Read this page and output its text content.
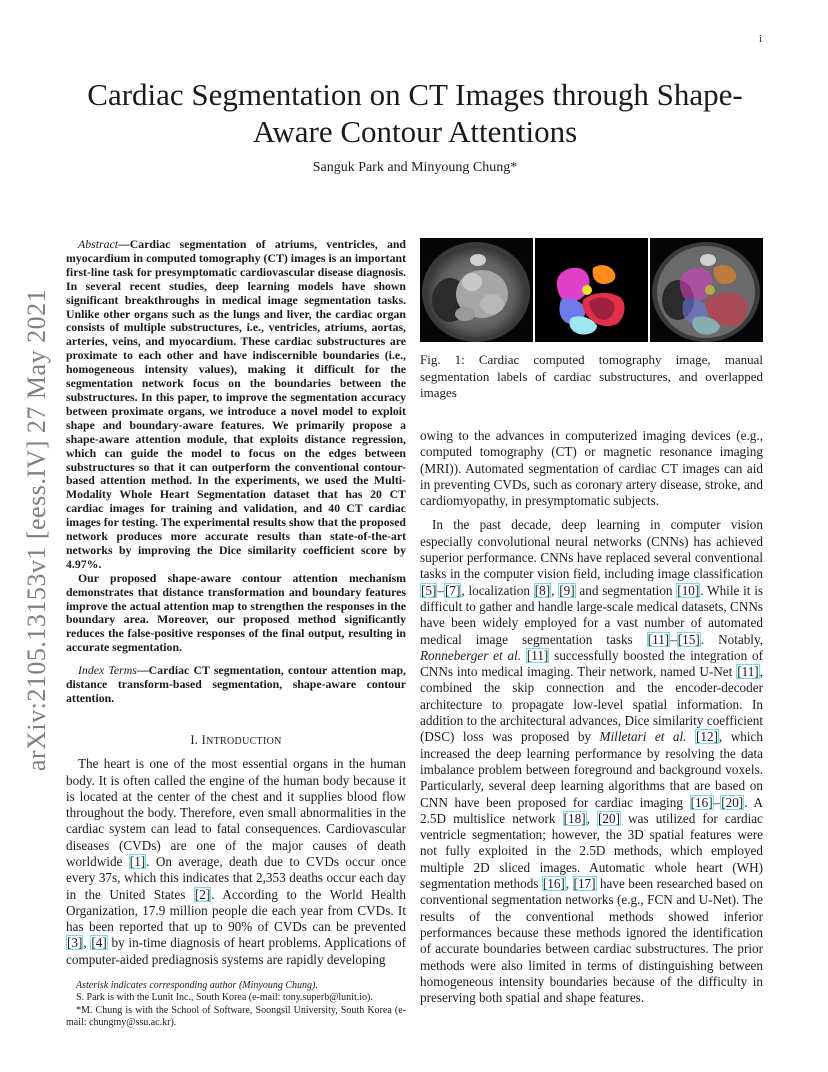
i
arXiv:2105.13153v1 [eess.IV] 27 May 2021
Cardiac Segmentation on CT Images through Shape-Aware Contour Attentions
Sanguk Park and Minyoung Chung*

Abstract—Cardiac segmentation of atriums, ventricles, and myocardium in computed tomography (CT) images is an important first-line task for presymptomatic cardiovascular disease diagnosis. In several recent studies, deep learning models have shown significant breakthroughs in medical image segmentation tasks. Unlike other organs such as the lungs and liver, the cardiac organ consists of multiple substructures, i.e., ventricles, atriums, aortas, arteries, veins, and myocardium. These cardiac substructures are proximate to each other and have indiscernible boundaries (i.e., homogeneous intensity values), making it difficult for the segmentation network focus on the boundaries between the substructures. In this paper, to improve the segmentation accuracy between proximate organs, we introduce a novel model to exploit shape and boundary-aware features. We primarily propose a shape-aware attention module, that exploits distance regression, which can guide the model to focus on the edges between substructures so that it can outperform the conventional contour-based attention method. In the experiments, we used the Multi-Modality Whole Heart Segmentation dataset that has 20 CT cardiac images for training and validation, and 40 CT cardiac images for testing. The experimental results show that the proposed network produces more accurate results than state-of-the-art networks by improving the Dice similarity coefficient score by 4.97%.

Our proposed shape-aware contour attention mechanism demonstrates that distance transformation and boundary features improve the actual attention map to strengthen the responses in the boundary area. Moreover, our proposed method significantly reduces the false-positive responses of the final output, resulting in accurate segmentation.

Index Terms—Cardiac CT segmentation, contour attention map, distance transform-based segmentation, shape-aware contour attention.

I. INTRODUCTION

The heart is one of the most essential organs in the human body. It is often called the engine of the human body because it is located at the center of the chest and it supplies blood flow throughout the body. Therefore, even small abnormalities in the cardiac system can lead to fatal consequences. Cardiovascular diseases (CVDs) are one of the major causes of death worldwide [1]. On average, death due to CVDs occur once every 37s, which this indicates that 2,353 deaths occur each day in the United States [2]. According to the World Health Organization, 17.9 million people die each year from CVDs. It has been reported that up to 90% of CVDs can be prevented [3], [4] by in-time diagnosis of heart problems. Applications of computer-aided prediagnosis systems are rapidly developing

Asterisk indicates corresponding author (Minyoung Chung).

S. Park is with the Lunit Inc., South Korea (e-mail: tony.superb@lunit.io).

*M. Chung is with the School of Software, Soongsil University, South Korea (e-mail: chungmy@ssu.ac.kr).

Fig. 1: Cardiac computed tomography image, manual segmentation labels of cardiac substructures, and overlapped images

owing to the advances in computerized imaging devices (e.g., computed tomography (CT) or magnetic resonance imaging (MRI)). Automated segmentation of cardiac CT images can aid in preventing CVDs, such as coronary artery disease, stroke, and cardiomyopathy, in presymptomatic subjects.

In the past decade, deep learning in computer vision especially convolutional neural networks (CNNs) has achieved superior performance. CNNs have replaced several conventional tasks in the computer vision field, including image classification [5]–[7], localization [8], [9] and segmentation [10]. While it is difficult to gather and handle large-scale medical datasets, CNNs have been widely employed for a vast number of automated medical image segmentation tasks [11]–[15]. Notably, Ronneberger et al. [11] successfully boosted the integration of CNNs into medical imaging. Their network, named U-Net [11], combined the skip connection and the encoder-decoder architecture to propagate low-level spatial information. In addition to the architectural advances, Dice similarity coefficient (DSC) loss was proposed by Milletari et al. [12], which increased the deep learning performance by resolving the data imbalance problem between foreground and background voxels. Particularly, several deep learning algorithms that are based on CNN have been proposed for cardiac imaging [16]–[20]. A 2.5D multislice network [18], [20] was utilized for cardiac ventricle segmentation; however, the 3D spatial features were not fully exploited in the 2.5D methods, which employed multiple 2D sliced images. Automatic whole heart (WH) segmentation methods [16], [17] have been researched based on conventional segmentation networks (e.g., FCN and U-Net). The results of the conventional methods showed inferior performances because these methods ignored the identification of accurate boundaries between cardiac substructures. The prior methods were also limited in terms of distinguishing between homogeneous intensity boundaries because of the difficulty in preserving both spatial and shape features.
